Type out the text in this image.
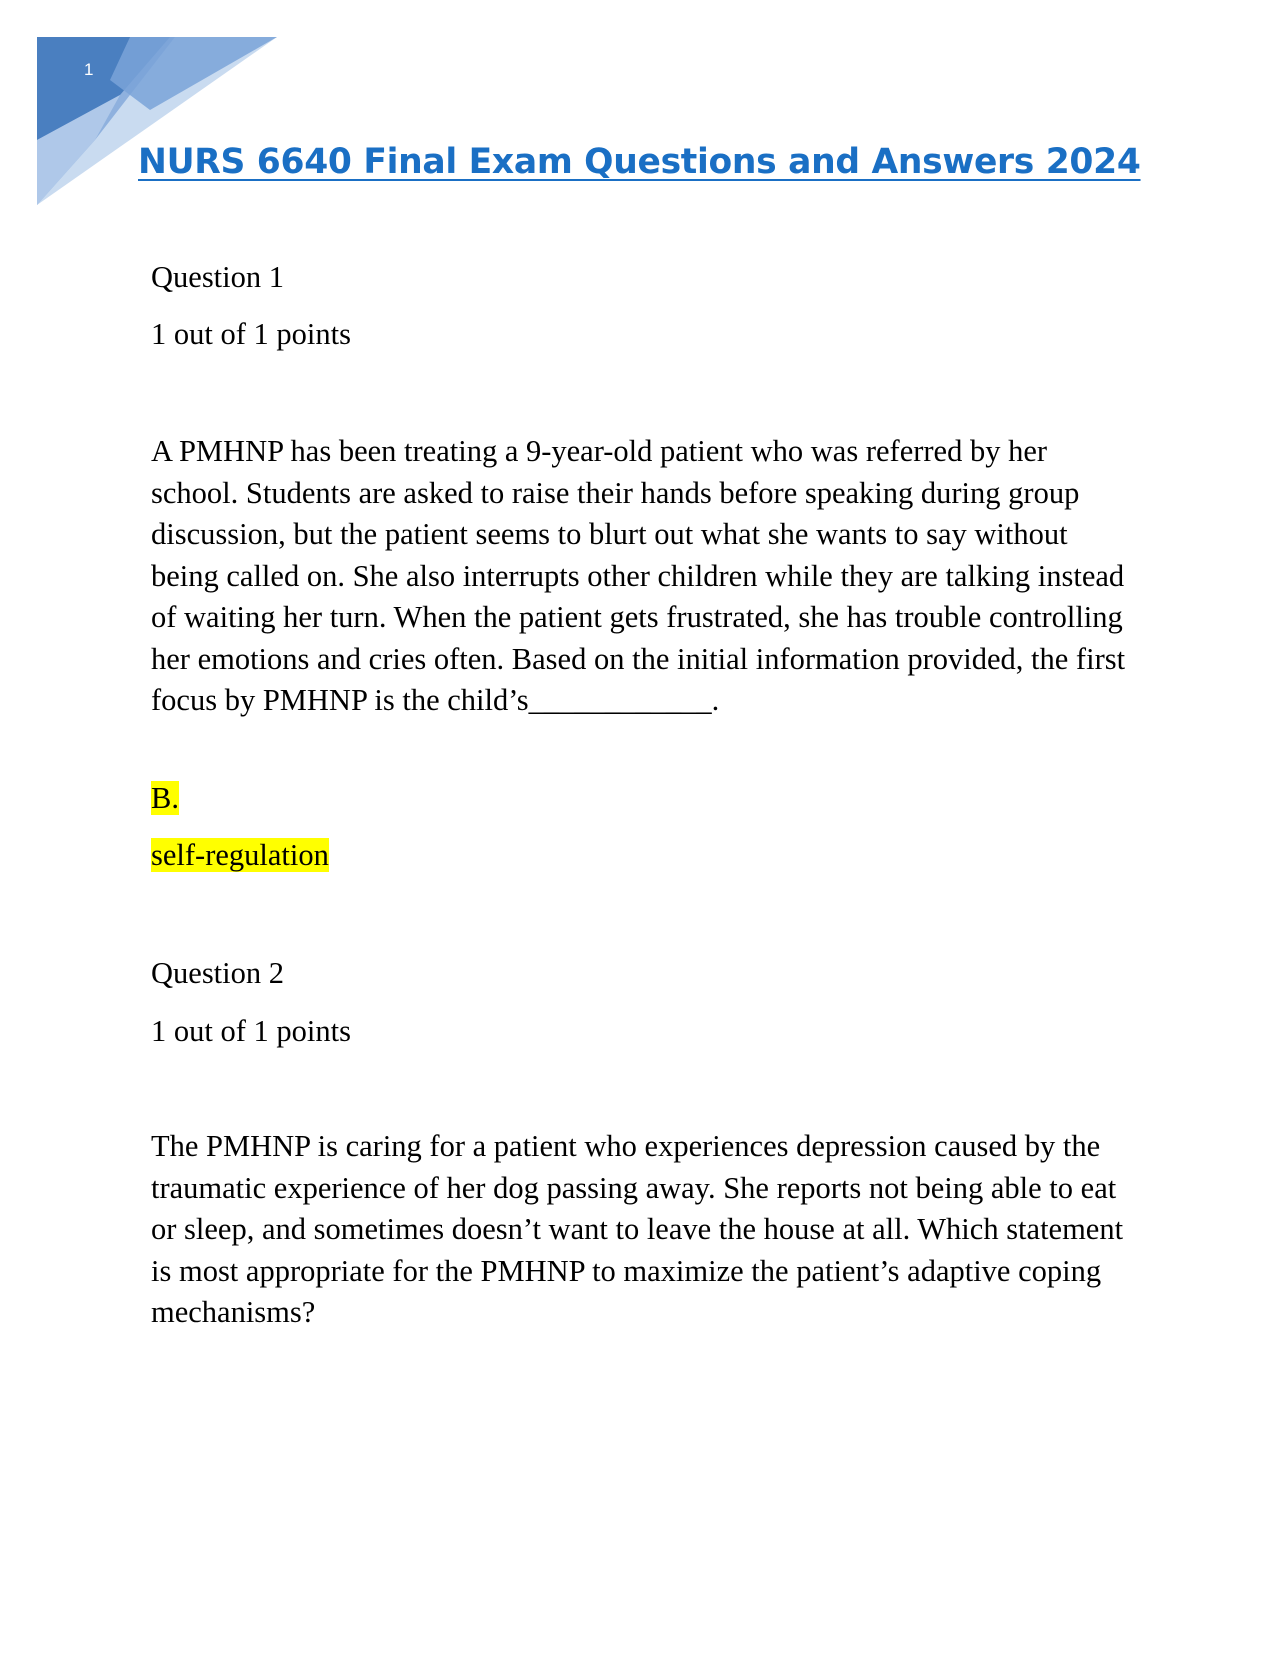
1
NURS 6640 Final Exam Questions and Answers 2024

Question 1

1 out of 1 points

A PMHNP has been treating a 9-year-old patient who was referred by her school. Students are asked to raise their hands before speaking during group discussion, but the patient seems to blurt out what she wants to say without being called on. She also interrupts other children while they are talking instead of waiting her turn. When the patient gets frustrated, she has trouble controlling her emotions and cries often. Based on the initial information provided, the first focus by PMHNP is the child’s____________.

B.

self-regulation

Question 2

1 out of 1 points

The PMHNP is caring for a patient who experiences depression caused by the traumatic experience of her dog passing away. She reports not being able to eat or sleep, and sometimes doesn’t want to leave the house at all. Which statement is most appropriate for the PMHNP to maximize the patient’s adaptive coping mechanisms?
